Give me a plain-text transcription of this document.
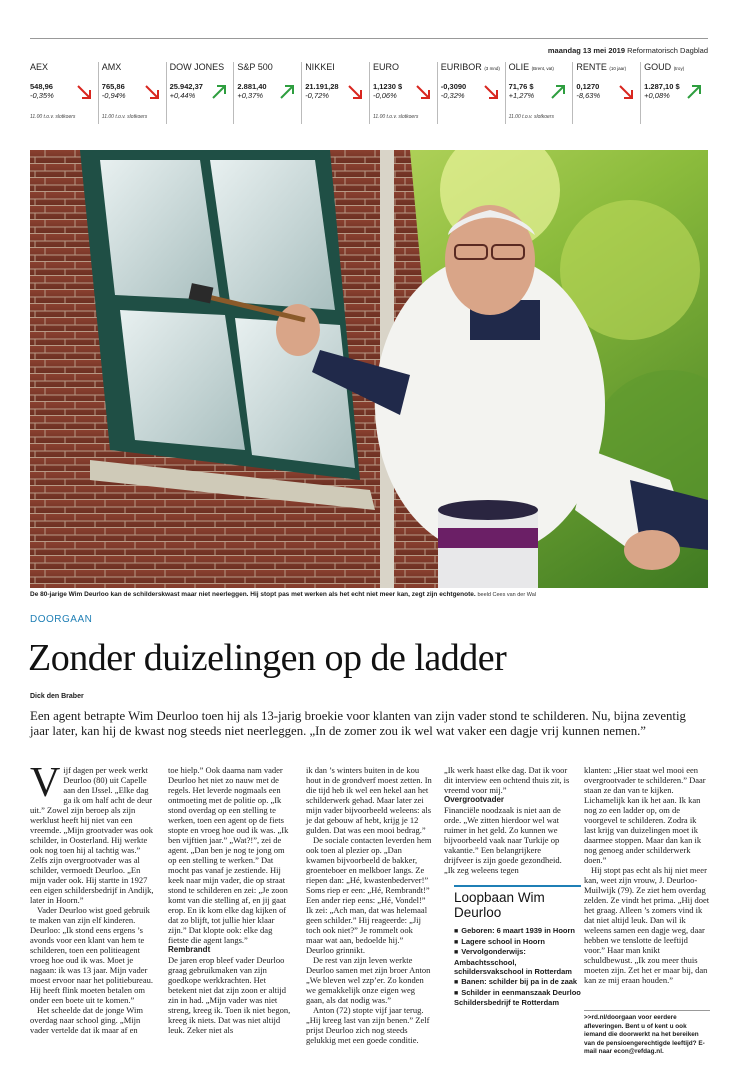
maandag 13 mei 2019 Reformatorisch Dagblad
AEX
548,96
-0,35%
11.00 t.o.v. slotkoers
AMX
765,86
-0,94%
11.00 t.o.v. slotkoers
DOW JONES
25.942,37
+0,44%
S&P 500
2.881,40
+0,37%
NIKKEI
21.191,28
-0,72%
EURO
1,1230 $
-0,06%
11.00 t.o.v. slotkoers
EURIBOR (3 mnd)
-0,3090
-0,32%
OLIE (Brent, vat)
71,76 $
+1,27%
11.00 t.o.v. slotkoers
RENTE (10 jaar)
0,1270
-8,63%
GOUD (troy)
1.287,10 $
+0,08%
De 80-jarige Wim Deurloo kan de schilderskwast maar niet neerleggen. Hij stopt pas met werken als het echt niet meer kan, zegt zijn echtgenote. beeld Cees van der Wal
DOORGAAN
Zonder duizelingen op de ladder
Dick den Braber

Een agent betrapte Wim Deurloo toen hij als 13-jarig broekie voor klanten van zijn vader stond te schilderen. Nu, bijna zeventig jaar later, kan hij de kwast nog steeds niet neerleggen. „In de zomer zou ik wel wat vaker een dagje vrij kunnen nemen.”

Vijf dagen per week werkt Deurloo (80) uit Capelle aan den IJssel. „Elke dag ga ik om half acht de deur uit.” Zowel zijn beroep als zijn werklust heeft hij niet van een vreemde. „Mijn grootvader was ook schilder, in Oosterland. Hij werkte ook nog toen hij al tachtig was.” Zelfs zijn overgrootvader was al schilder, vermoedt Deurloo. „En mijn vader ook. Hij startte in 1927 een eigen schildersbedrijf in Andijk, later in Hoorn.”

Vader Deurloo wist goed gebruik te maken van zijn elf kinderen. Deurloo: „Ik stond eens ergens ’s avonds voor een klant van hem te schilderen, toen een politieagent vroeg hoe oud ik was. Moet je nagaan: ik was 13 jaar. Mijn vader moest ervoor naar het politiebureau. Hij heeft flink moeten betalen om onder een boete uit te komen.”

Het scheelde dat de jonge Wim overdag naar school ging. „Mijn vader vertelde dat ik maar af en

toe hielp.” Ook daarna nam vader Deurloo het niet zo nauw met de regels. Het leverde nogmaals een ontmoeting met de politie op. „Ik stond overdag op een stelling te werken, toen een agent op de fiets stopte en vroeg hoe oud ik was. „Ik ben vijftien jaar.” „Wat?!”, zei de agent. „Dan ben je nog te jong om op een stelling te werken.” Dat mocht pas vanaf je zestiende. Hij keek naar mijn vader, die op straat stond te schilderen en zei: „Je zoon komt van die stelling af, en jij gaat erop. En ik kom elke dag kijken of dat zo blijft, tot jullie hier klaar zijn.” Dat klopte ook: elke dag fietste die agent langs.”

Rembrandt

De jaren erop bleef vader Deurloo graag gebruikmaken van zijn goedkope werkkrachten. Het betekent niet dat zijn zoon er altijd zin in had. „Mijn vader was niet streng, kreeg ik. Toen ik niet begon, kreeg ik niets. Dat was niet altijd leuk. Zeker niet als

ik dan ’s winters buiten in de kou hout in de grondverf moest zetten. In die tijd heb ik wel een hekel aan het schilderwerk gehad. Maar later zei mijn vader bijvoorbeeld weleens: als je dat gebouw af hebt, krijg je 12 gulden. Dat was een mooi bedrag.”

De sociale contacten leverden hem ook toen al plezier op. „Dan kwamen bijvoorbeeld de bakker, groenteboer en melkboer langs. Ze riepen dan: „Hé, kwastenbederver!” Soms riep er een: „Hé, Rembrandt!” Een ander riep eens: „Hé, Vondel!” Ik zei: „Ach man, dat was helemaal geen schilder.” Hij reageerde: „Jij toch ook niet?” Je rommelt ook maar wat aan, bedoelde hij.” Deurloo grinnikt.

De rest van zijn leven werkte Deurloo samen met zijn broer Anton „We bleven wel zzp’er. Zo konden we gemakkelijk onze eigen weg gaan, als dat nodig was.”

Anton (72) stopte vijf jaar terug. „Hij kreeg last van zijn benen.” Zelf prijst Deurloo zich nog steeds gelukkig met een goede conditie.

„Ik werk haast elke dag. Dat ik voor dit interview een ochtend thuis zit, is vreemd voor mij.”

Overgrootvader

Financiële noodzaak is niet aan de orde. „We zitten hierdoor wel wat ruimer in het geld. Zo kunnen we bijvoorbeeld vaak naar Turkije op vakantie.” Een belangrijkere drijfveer is zijn goede gezondheid. „Ik zeg weleens tegen

Loopbaan Wim Deurloo
■ Geboren: 6 maart 1939 in Hoorn
■ Lagere school in Hoorn
■ Vervolgonderwijs: Ambachtsschool, schildersvakschool in Rotterdam
■ Banen: schilder bij pa in de zaak
■ Schilder in eenmanszaak Deurloo Schildersbedrijf te Rotterdam

klanten: „Hier staat wel mooi een overgrootvader te schilderen.” Daar staan ze dan van te kijken. Lichamelijk kan ik het aan. Ik kan nog zo een ladder op, om de voorgevel te schilderen. Zodra ik last krijg van duizelingen moet ik daarmee stoppen. Maar dan kan ik nog genoeg ander schilderwerk doen.”

Hij stopt pas echt als hij niet meer kan, weet zijn vrouw, J. Deurloo-Muilwijk (79). Ze ziet hem overdag zelden. Ze vindt het prima. „Hij doet het graag. Alleen ’s zomers vind ik dat niet altijd leuk. Dan wil ik weleens samen een dagje weg, daar hebben we tenslotte de leeftijd voor.” Haar man knikt schuldbewust. „Ik zou meer thuis moeten zijn. Zet het er maar bij, dan kan ze mij eraan houden.”

>>rd.nl/doorgaan voor eerdere afleveringen. Bent u of kent u ook iemand die doorwerkt na het bereiken van de pensioengerechtigde leeftijd? E-mail naar econ@refdag.nl.
